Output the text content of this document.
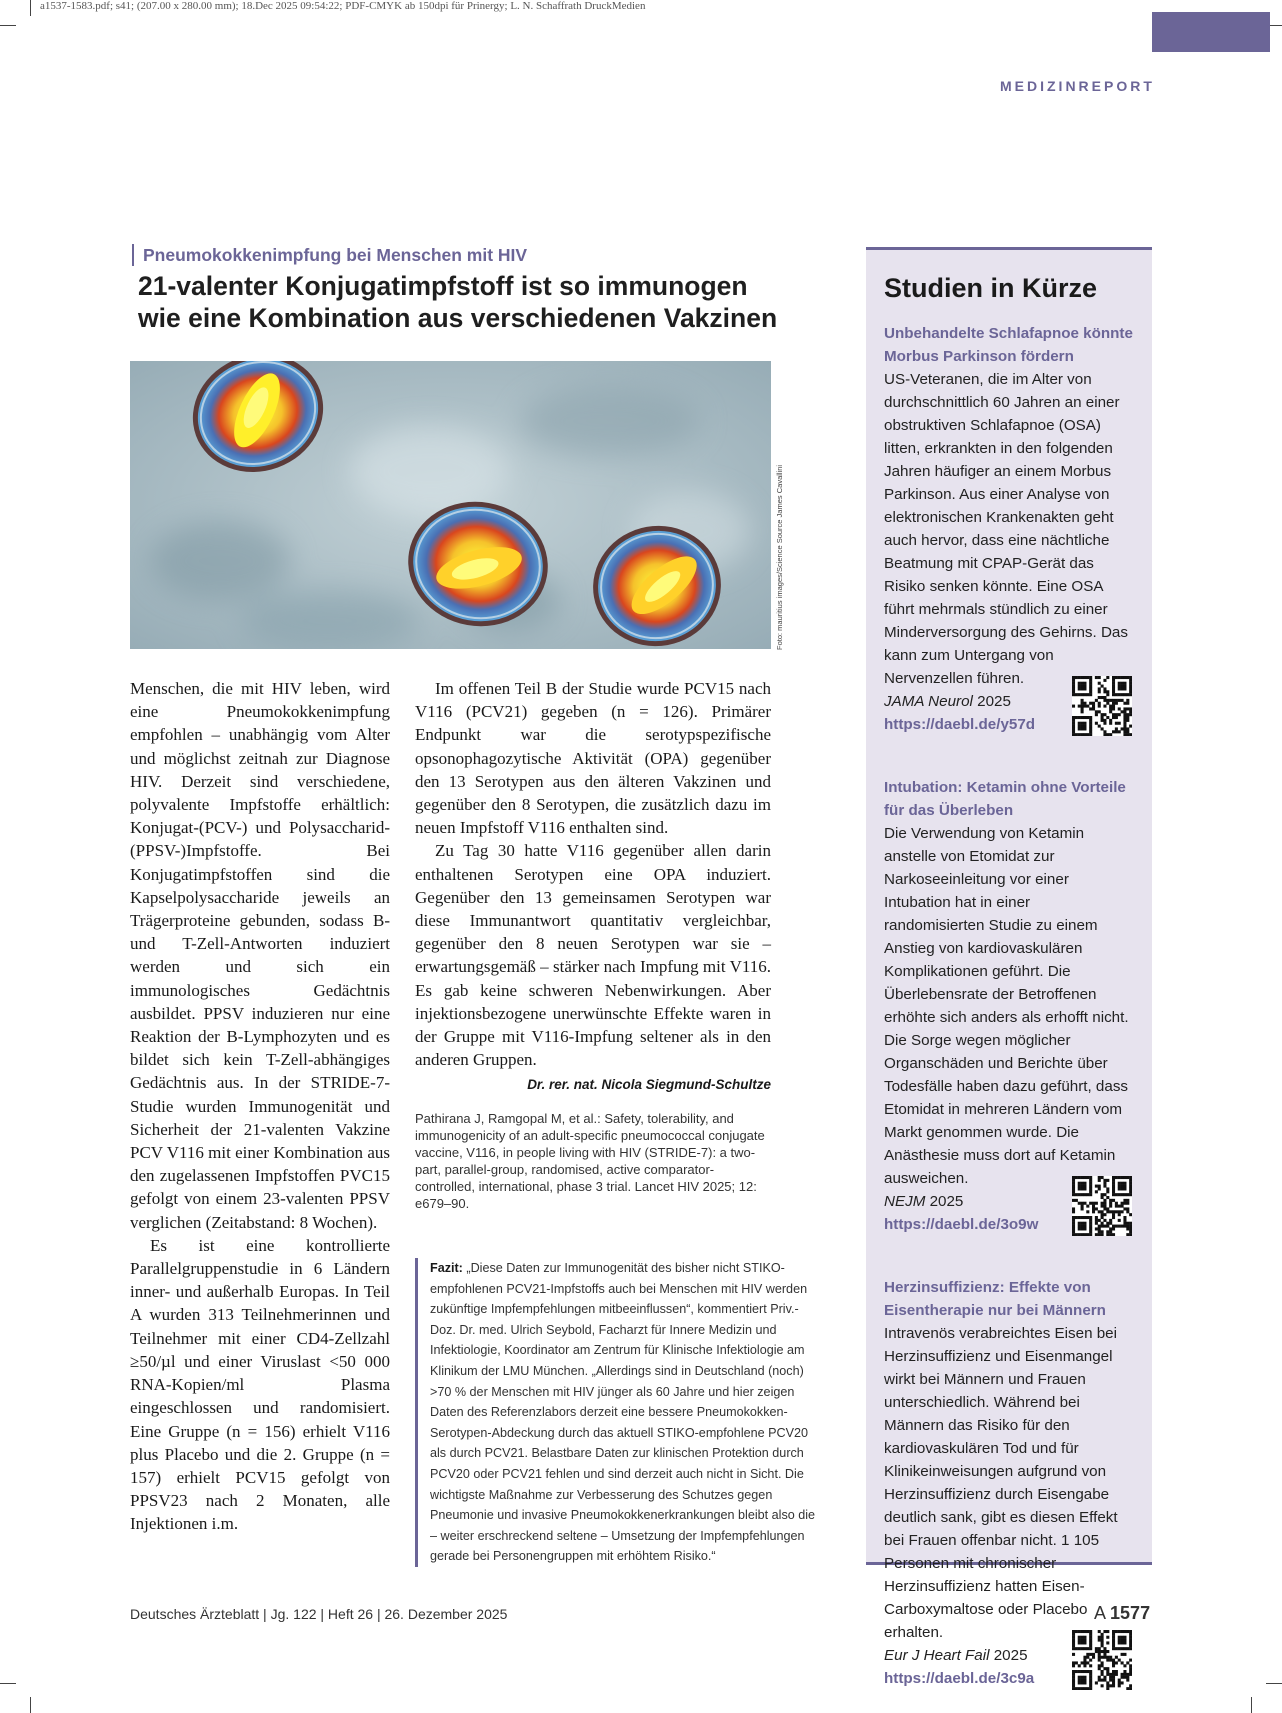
a1537-1583.pdf; s41; (207.00 x 280.00 mm); 18.Dec 2025 09:54:22; PDF-CMYK ab 150dpi für Prinergy; L. N. Schaffrath DruckMedien
MEDIZINREPORT
Pneumokokkenimpfung bei Menschen mit HIV
21-valenter Konjugatimpfstoff ist so immunogen wie eine Kombination aus verschiedenen Vakzinen
Foto: mauritius images/Science Source James Cavallini

Menschen, die mit HIV leben, wird eine Pneumokokkenimpfung empfohlen – unabhängig vom Alter und möglichst zeitnah zur Diagnose HIV. Derzeit sind verschiedene, polyvalente Impfstoffe erhältlich: Konjugat-(PCV-) und Polysaccharid-(PPSV-)Impfstoffe. Bei Konjugatimpfstoffen sind die Kapselpolysaccharide jeweils an Trägerproteine gebunden, sodass B- und T-Zell-Antworten induziert werden und sich ein immunologisches Gedächtnis ausbildet. PPSV induzieren nur eine Reaktion der B-Lymphozyten und es bildet sich kein T-Zell-abhängiges Gedächtnis aus. In der STRIDE-7-Studie wurden Immunogenität und Sicherheit der 21-valenten Vakzine PCV V116 mit einer Kombination aus den zugelassenen Impfstoffen PVC15 gefolgt von einem 23-valenten PPSV verglichen (Zeitabstand: 8 Wochen).

Es ist eine kontrollierte Parallelgruppenstudie in 6 Ländern inner- und außerhalb Europas. In Teil A wurden 313 Teilnehmerinnen und Teilnehmer mit einer CD4-Zellzahl ≥50/µl und einer Viruslast <50 000 RNA-Kopien/ml Plasma eingeschlossen und randomisiert. Eine Gruppe (n = 156) erhielt V116 plus Placebo und die 2. Gruppe (n = 157) erhielt PCV15 gefolgt von PPSV23 nach 2 Monaten, alle Injektionen i.m.

Im offenen Teil B der Studie wurde PCV15 nach V116 (PCV21) gegeben (n = 126). Primärer Endpunkt war die serotypspezifische opsonophagozytische Aktivität (OPA) gegenüber den 13 Serotypen aus den älteren Vakzinen und gegenüber den 8 Serotypen, die zusätzlich dazu im neuen Impfstoff V116 enthalten sind.

Zu Tag 30 hatte V116 gegenüber allen darin enthaltenen Serotypen eine OPA induziert. Gegenüber den 13 gemeinsamen Serotypen war diese Immunantwort quantitativ vergleichbar, gegenüber den 8 neuen Serotypen war sie – erwartungsgemäß – stärker nach Impfung mit V116. Es gab keine schweren Nebenwirkungen. Aber injektionsbezogene unerwünschte Effekte waren in der Gruppe mit V116-Impfung seltener als in den anderen Gruppen.
Dr. rer. nat. Nicola Siegmund-Schultze

Pathirana J, Ramgopal M, et al.: Safety, tolerability, and immunogenicity of an adult-specific pneumococcal conjugate vaccine, V116, in people living with HIV (STRIDE-7): a two-part, parallel-group, randomised, active comparator-controlled, international, phase 3 trial. Lancet HIV 2025; 12: e679–90.
Fazit: „Diese Daten zur Immunogenität des bisher nicht STIKO-empfohlenen PCV21-Impfstoffs auch bei Menschen mit HIV werden zukünftige Impfempfehlungen mitbeeinflussen“, kommentiert Priv.-Doz. Dr. med. Ulrich Seybold, Facharzt für Innere Medizin und Infektiologie, Koordinator am Zentrum für Klinische Infektiologie am Klinikum der LMU München. „Allerdings sind in Deutschland (noch) >70 % der Menschen mit HIV jünger als 60 Jahre und hier zeigen Daten des Referenzlabors derzeit eine bessere Pneumokokken-Serotypen-Abdeckung durch das aktuell STIKO-empfohlene PCV20 als durch PCV21. Belastbare Daten zur klinischen Protektion durch PCV20 oder PCV21 fehlen und sind derzeit auch nicht in Sicht. Die wichtigste Maßnahme zur Verbesserung des Schutzes gegen Pneumonie und invasive Pneumokokkenerkrankungen bleibt also die – weiter erschreckend seltene – Umsetzung der Impfempfehlungen gerade bei Personengruppen mit erhöhtem Risiko.“
Studien in Kürze
Unbehandelte Schlafapnoe könnte Morbus Parkinson fördern
US-Veteranen, die im Alter von durchschnittlich 60 Jahren an einer obstruktiven Schlafapnoe (OSA) litten, erkrankten in den folgenden Jahren häufiger an einem Morbus Parkinson. Aus einer Analyse von elektronischen Krankenakten geht auch hervor, dass eine nächtliche Beatmung mit CPAP-Gerät das Risiko senken könnte. Eine OSA führt mehrmals stündlich zu einer Minderversorgung des Gehirns. Das kann zum Untergang von Nervenzellen führen.
JAMA Neurol 2025
https://daebl.de/y57d
Intubation: Ketamin ohne Vorteile für das Überleben
Die Verwendung von Ketamin anstelle von Etomidat zur Narkoseeinleitung vor einer Intubation hat in einer randomisierten Studie zu einem Anstieg von kardiovaskulären Komplikationen geführt. Die Überlebensrate der Betroffenen erhöhte sich anders als erhofft nicht. Die Sorge wegen möglicher Organschäden und Berichte über Todesfälle haben dazu geführt, dass Etomidat in mehreren Ländern vom Markt genommen wurde. Die Anästhesie muss dort auf Ketamin ausweichen.
NEJM 2025
https://daebl.de/3o9w
Herzinsuffizienz: Effekte von Eisentherapie nur bei Männern
Intravenös verabreichtes Eisen bei Herzinsuffizienz und Eisenmangel wirkt bei Männern und Frauen unterschiedlich. Während bei Männern das Risiko für den kardiovaskulären Tod und für Klinikeinweisungen aufgrund von Herzinsuffizienz durch Eisengabe deutlich sank, gibt es diesen Effekt bei Frauen offenbar nicht. 1 105 Personen mit chronischer Herzinsuffizienz hatten Eisen-Carboxymaltose oder Placebo erhalten.
Eur J Heart Fail 2025
https://daebl.de/3c9a
Deutsches Ärzteblatt | Jg. 122 | Heft 26 | 26. Dezember 2025	A 1577
